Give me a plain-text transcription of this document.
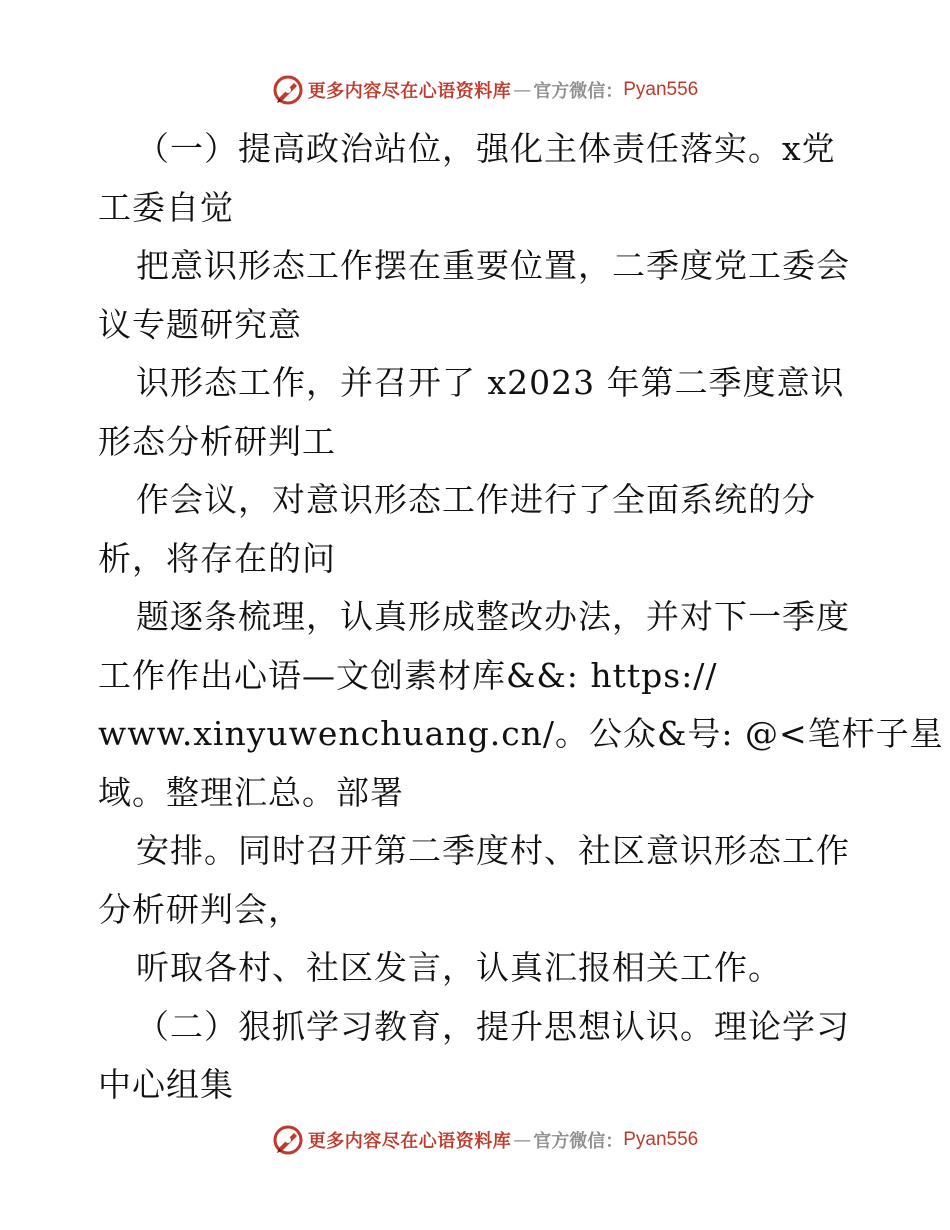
更多内容尽在心语资料库 — 官方微信： Pyan556
（一）提高政治站位，强化主体责任落实。x党
工委自觉
把意识形态工作摆在重要位置，二季度党工委会
议专题研究意
识形态工作，并召开了 x2023 年第二季度意识
形态分析研判工
作会议，对意识形态工作进行了全面系统的分
析，将存在的问
题逐条梳理，认真形成整改办法，并对下一季度
工作作出心语—文创素材库&&: https://
www.xinyuwenchuang.cn/。公众&号: @<笔杆子星
域。整理汇总。部署
安排。同时召开第二季度村、社区意识形态工作
分析研判会，
听取各村、社区发言，认真汇报相关工作。
（二）狠抓学习教育，提升思想认识。理论学习
中心组集
更多内容尽在心语资料库 — 官方微信： Pyan556
